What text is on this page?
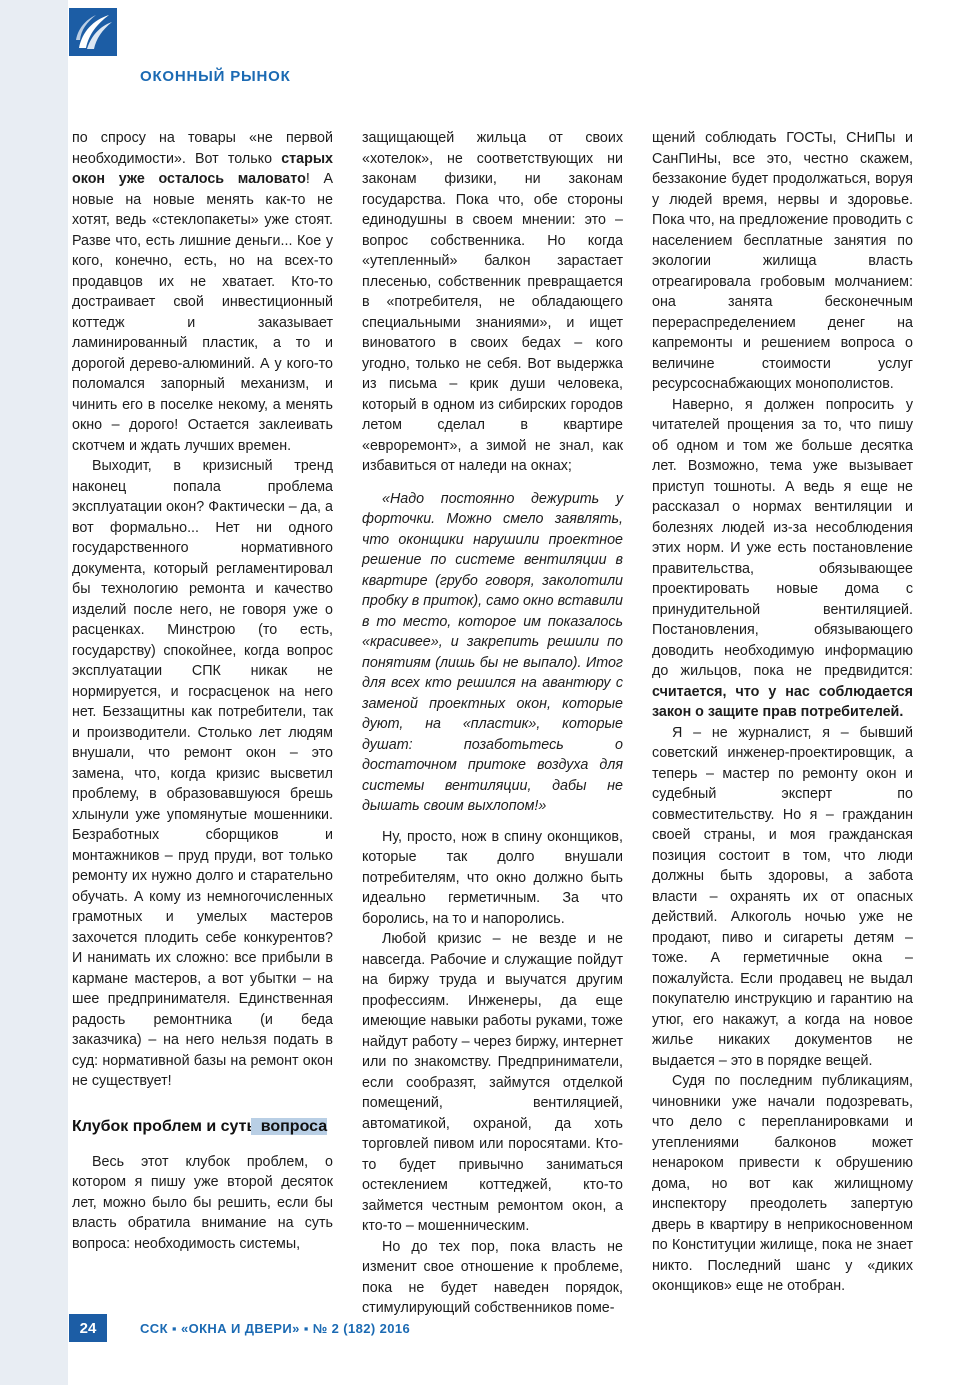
ОКОННЫЙ РЫНОК

по спросу на товары «не первой необходимости». Вот только старых окон уже осталось маловато! А новые на новые менять как-то не хотят, ведь «стеклопакеты» уже стоят. Разве что, есть лишние деньги... Кое у кого, конечно, есть, но на всех-то продавцов их не хватает. Кто-то достраивает свой инвестиционный коттедж и заказывает ламинированный пластик, а то и дорогой дерево-алюминий. А у кого-то поломался запорный механизм, и чинить его в поселке некому, а менять окно – дорого! Остается заклеивать скотчем и ждать лучших времен.

Выходит, в кризисный тренд наконец попала проблема эксплуатации окон? Фактически – да, а вот формально... Нет ни одного государственного нормативного документа, который регламентировал бы технологию ремонта и качество изделий после него, не говоря уже о расценках. Минстрою (то есть, государству) спокойнее, когда вопрос эксплуатации СПК никак не нормируется, и госрасценок на него нет. Беззащитны как потребители, так и производители. Столько лет людям внушали, что ремонт окон – это замена, что, когда кризис высветил проблему, в образовавшуюся брешь хлынули уже упомянутые мошенники. Безработных сборщиков и монтажников – пруд пруди, вот только ремонту их нужно долго и старательно обучать. А кому из немногочисленных грамотных и умелых мастеров захочется плодить себе конкурентов? И нанимать их сложно: все прибыли в кармане мастеров, а вот убытки – на шее предпринимателя. Единственная радость ремонтника (и беда заказчика) – на него нельзя подать в суд: нормативной базы на ремонт окон не существует!

Клубок проблем и суть вопроса

Весь этот клубок проблем, о котором я пишу уже второй десяток лет, можно было бы решить, если бы власть обратила внимание на суть вопроса: необходимость системы,

защищающей жильца от своих «хотелок», не соответствующих ни законам физики, ни законам государства. Пока что, обе стороны единодушны в своем мнении: это – вопрос собственника. Но когда «утепленный» балкон зарастает плесенью, собственник превращается в «потребителя, не обладающего специальными знаниями», и ищет виноватого в своих бедах – кого угодно, только не себя. Вот выдержка из письма – крик души человека, который в одном из сибирских городов летом сделал в квартире «евроремонт», а зимой не знал, как избавиться от наледи на окнах;

«Надо постоянно дежурить у форточки. Можно смело заявлять, что оконщики нарушили проектное решение по системе вентиляции в квартире (грубо говоря, заколотили пробку в приток), само окно вставили в то место, которое им показалось «красивее», и закрепить решили по понятиям (лишь бы не выпало). Итог для всех кто решился на авантюру с заменой проектных окон, которые дуют, на «пластик», которые душат: позаботьтесь о достаточном притоке воздуха для системы вентиляции, дабы не дышать своим выхлопом!»

Ну, просто, нож в спину оконщиков, которые так долго внушали потребителям, что окно должно быть идеально герметичным. За что боролись, на то и напоролись.

Любой кризис – не везде и не навсегда. Рабочие и служащие пойдут на биржу труда и выучатся другим профессиям. Инженеры, да еще имеющие навыки работы руками, тоже найдут работу – через биржу, интернет или по знакомству. Предприниматели, если сообразят, займутся отделкой помещений, вентиляцией, автоматикой, охраной, да хоть торговлей пивом или поросятами. Кто-то будет привычно заниматься остеклением коттеджей, кто-то займется честным ремонтом окон, а кто-то – мошенническим.

Но до тех пор, пока власть не изменит свое отношение к проблеме, пока не будет наведен порядок, стимулирующий собственников поме-

щений соблюдать ГОСТы, СНиПы и СанПиНы, все это, честно скажем, беззаконие будет продолжаться, воруя у людей время, нервы и здоровье. Пока что, на предложение проводить с населением бесплатные занятия по экологии жилища власть отреагировала гробовым молчанием: она занята бесконечным перераспределением денег на капремонты и решением вопроса о величине стоимости услуг ресурсоснабжающих монополистов.

Наверно, я должен попросить у читателей прощения за то, что пишу об одном и том же больше десятка лет. Возможно, тема уже вызывает приступ тошноты. А ведь я еще не рассказал о нормах вентиляции и болезнях людей из-за несоблюдения этих норм. И уже есть постановление правительства, обязывающее проектировать новые дома с принудительной вентиляцией. Постановления, обязывающего доводить необходимую информацию до жильцов, пока не предвидится: считается, что у нас соблюдается закон о защите прав потребителей.

Я – не журналист, я – бывший советский инженер-проектировщик, а теперь – мастер по ремонту окон и судебный эксперт по совместительству. Но я – гражданин своей страны, и моя гражданская позиция состоит в том, что люди должны быть здоровы, а забота власти – охранять их от опасных действий. Алкоголь ночью уже не продают, пиво и сигареты детям – тоже. А герметичные окна – пожалуйста. Если продавец не выдал покупателю инструкцию и гарантию на утюг, его накажут, а когда на новое жилье никаких документов не выдается – это в порядке вещей.

Судя по последним публикациям, чиновники уже начали подозревать, что дело с перепланировками и утеплениями балконов может ненароком привести к обрушению дома, но вот как жилищному инспектору преодолеть запертую дверь в квартиру в неприкосновенном по Конституции жилище, пока не знает никто. Последний шанс у «диких оконщиков» еще не отобран.

24	ССК ▪ «ОКНА И ДВЕРИ» ▪ № 2 (182) 2016
